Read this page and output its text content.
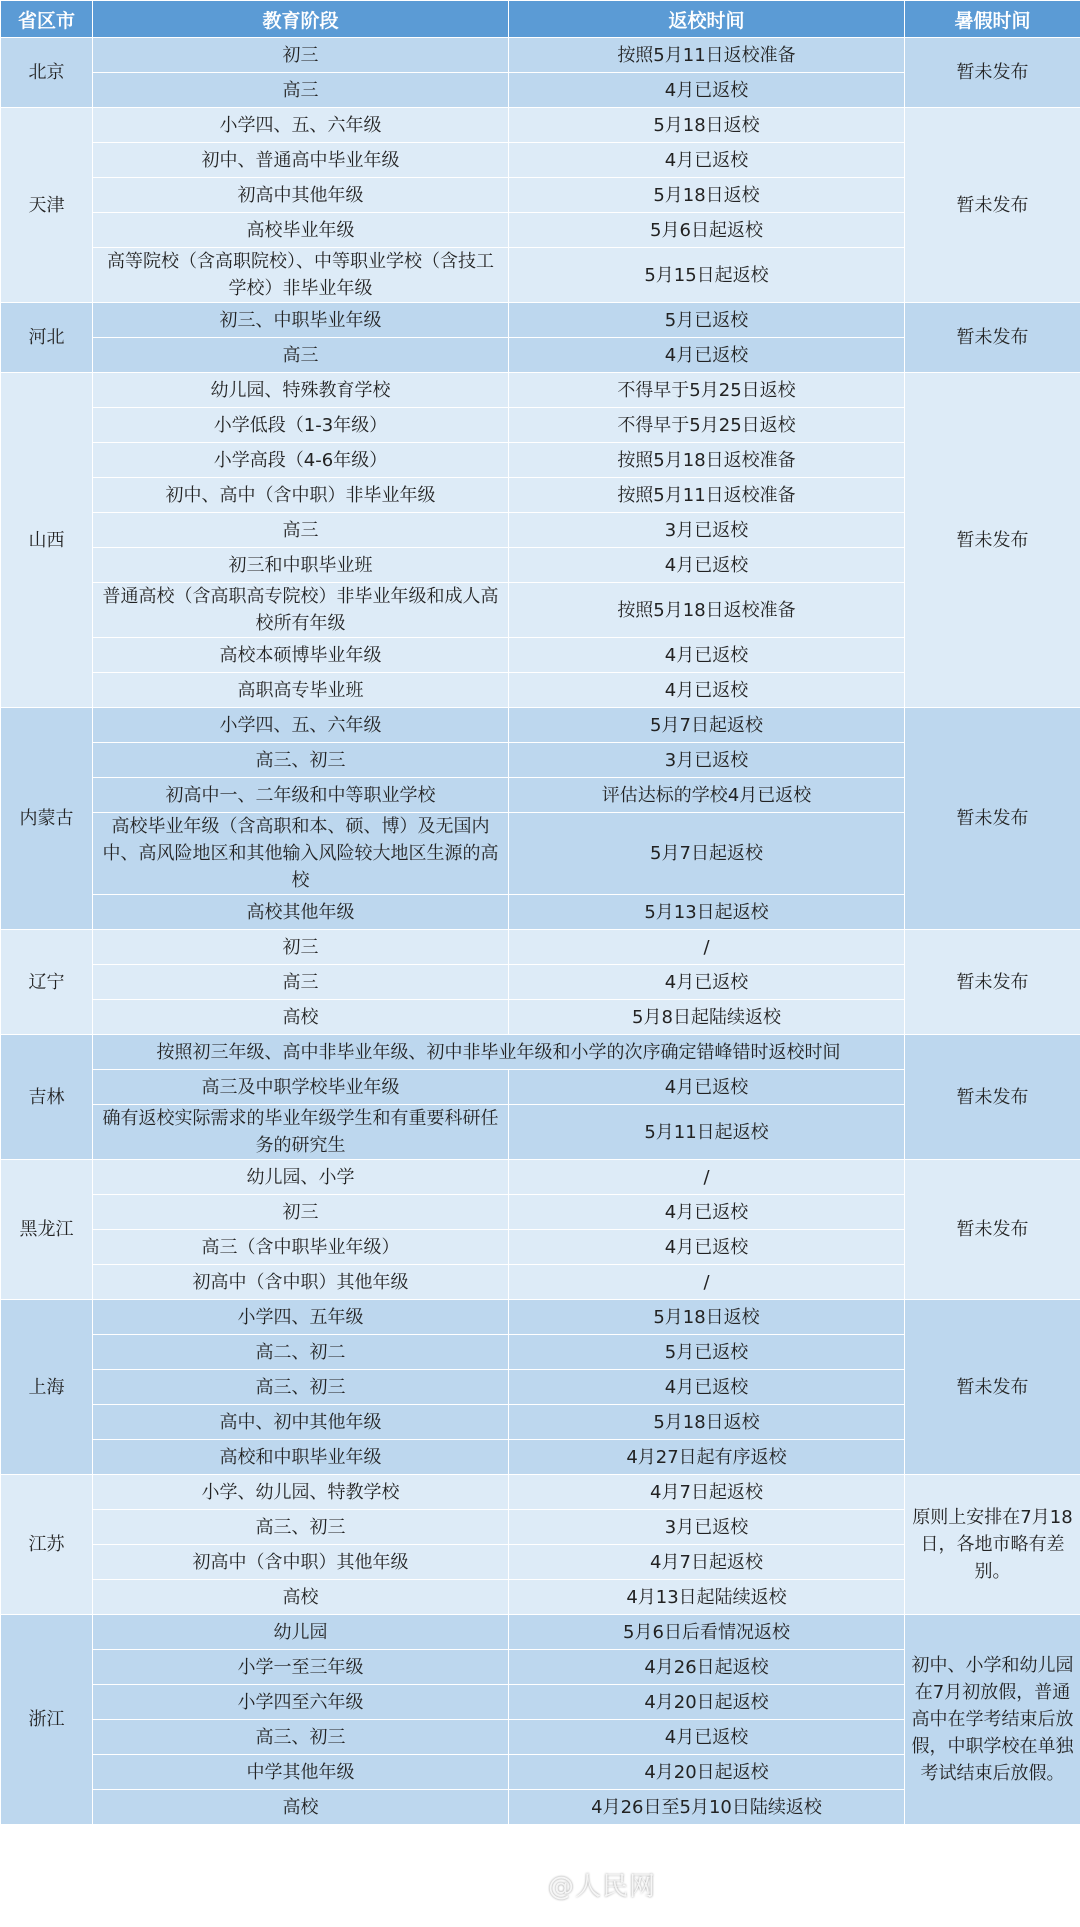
省区市	教育阶段	返校时间	暑假时间
北京	初三	按照5月11日返校准备	暂未发布
	高三	4月已返校	
天津	小学四、五、六年级	5月18日返校	暂未发布
	初中、普通高中毕业年级	4月已返校	
	初高中其他年级	5月18日返校	
	高校毕业年级	5月6日起返校	
	高等院校（含高职院校）、中等职业学校（含技工学校）非毕业年级	5月15日起返校	
河北	初三、中职毕业年级	5月已返校	暂未发布
	高三	4月已返校	
山西	幼儿园、特殊教育学校	不得早于5月25日返校	暂未发布
	小学低段（1-3年级）	不得早于5月25日返校	
	小学高段（4-6年级）	按照5月18日返校准备	
	初中、高中（含中职）非毕业年级	按照5月11日返校准备	
	高三	3月已返校	
	初三和中职毕业班	4月已返校	
	普通高校（含高职高专院校）非毕业年级和成人高校所有年级	按照5月18日返校准备	
	高校本硕博毕业年级	4月已返校	
	高职高专毕业班	4月已返校	
内蒙古	小学四、五、六年级	5月7日起返校	暂未发布
	高三、初三	3月已返校	
	初高中一、二年级和中等职业学校	评估达标的学校4月已返校	
	高校毕业年级（含高职和本、硕、博）及无国内中、高风险地区和其他输入风险较大地区生源的高校	5月7日起返校	
	高校其他年级	5月13日起返校	
辽宁	初三	/	暂未发布
	高三	4月已返校	
	高校	5月8日起陆续返校	
吉林	按照初三年级、高中非毕业年级、初中非毕业年级和小学的次序确定错峰错时返校时间		暂未发布
	高三及中职学校毕业年级	4月已返校	
	确有返校实际需求的毕业年级学生和有重要科研任务的研究生	5月11日起返校	
黑龙江	幼儿园、小学	/	暂未发布
	初三	4月已返校	
	高三（含中职毕业年级）	4月已返校	
	初高中（含中职）其他年级	/	
上海	小学四、五年级	5月18日返校	暂未发布
	高二、初二	5月已返校	
	高三、初三	4月已返校	
	高中、初中其他年级	5月18日返校	
	高校和中职毕业年级	4月27日起有序返校	
江苏	小学、幼儿园、特教学校	4月7日起返校	原则上安排在7月18日，各地市略有差别。
	高三、初三	3月已返校	
	初高中（含中职）其他年级	4月7日起返校	
	高校	4月13日起陆续返校	
浙江	幼儿园	5月6日后看情况返校	初中、小学和幼儿园在7月初放假，普通高中在学考结束后放假，中职学校在单独考试结束后放假。
	小学一至三年级	4月26日起返校	
	小学四至六年级	4月20日起返校	
	高三、初三	4月已返校	
	中学其他年级	4月20日起返校	
	高校	4月26日至5月10日陆续返校	
@人民网
